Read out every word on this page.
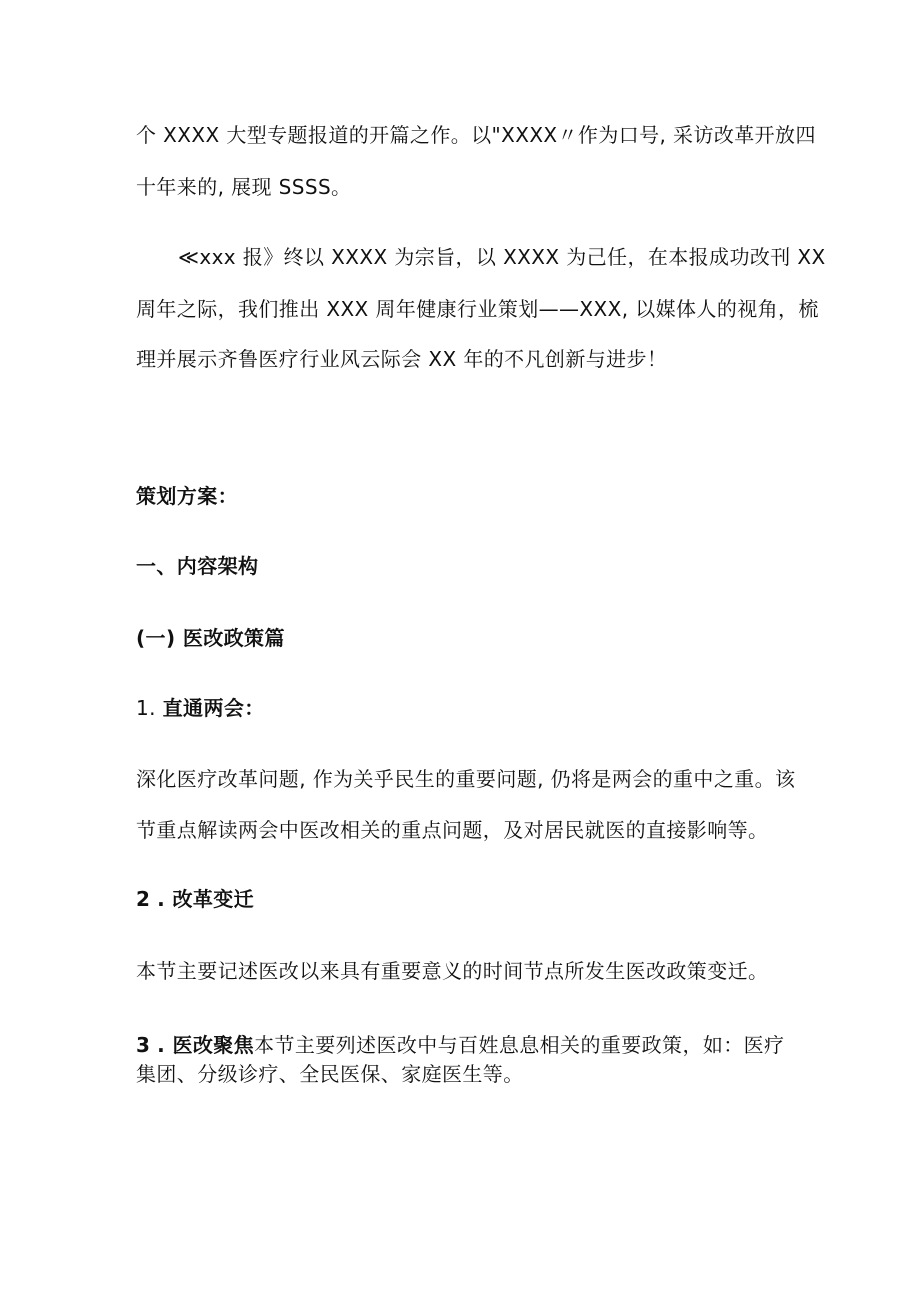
个 XXXX 大型专题报道的开篇之作。以"XXXX〃作为口号, 采访改革开放四
十年来的, 展现 SSSS。
≪xxx 报》终以 XXXX 为宗旨，以 XXXX 为己任，在本报成功改刊 XX
周年之际，我们推出 XXX 周年健康行业策划——XXX, 以媒体人的视角，梳
理并展示齐鲁医疗行业风云际会 XX 年的不凡创新与进步！
策划方案：
一、内容架构
(一) 医改政策篇
1. 直通两会：
深化医疗改革问题, 作为关乎民生的重要问题, 仍将是两会的重中之重。该
节重点解读两会中医改相关的重点问题，及对居民就医的直接影响等。
2 . 改革变迁
本节主要记述医改以来具有重要意义的时间节点所发生医改政策变迁。
3 . 医改聚焦本节主要列述医改中与百姓息息相关的重要政策，如：医疗
集团、分级诊疗、全民医保、家庭医生等。
